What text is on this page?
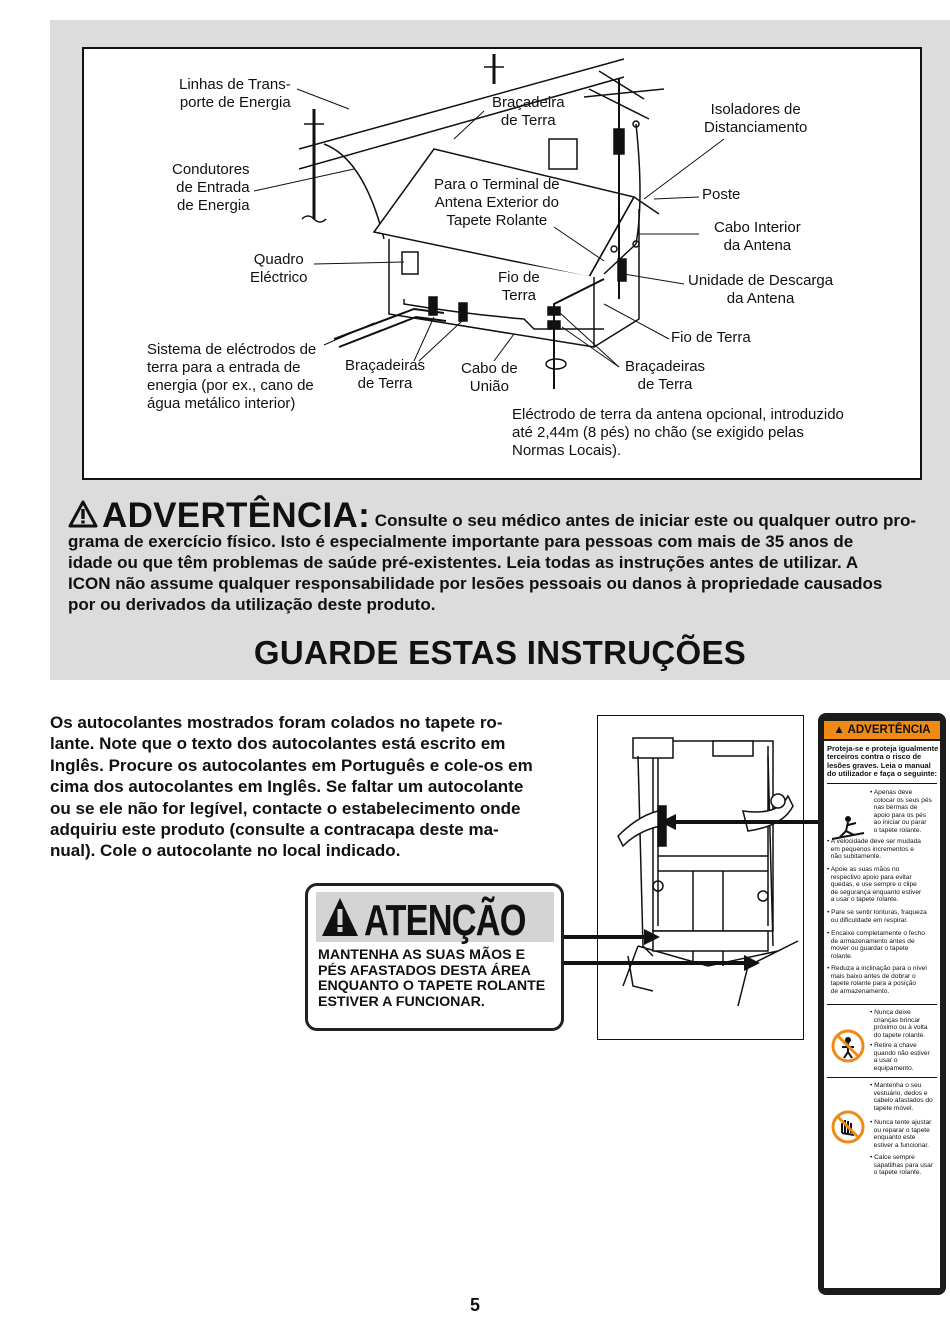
Linhas de Trans-
porte de Energia	Braçadeira
de Terra
Isoladores de
Distanciamento
Condutores
de Entrada
de Energia
Para o Terminal de
Antena Exterior do
Tapete Rolante
Poste
Cabo Interior
da Antena
Quadro
Eléctrico	Fio de
Terra
Unidade de Descarga
da Antena
Fio de Terra
Sistema de eléctrodos de
terra para a entrada de
energia (por ex., cano de
água metálico interior)
Braçadeiras
de Terra
Cabo de
União
Braçadeiras
de Terra
Eléctrodo de terra da antena opcional, introduzido
até 2,44m (8 pés) no chão (se exigido pelas
Normas Locais).
ADVERTÊNCIA: Consulte o seu médico antes de iniciar este ou qualquer outro pro-
grama de exercício físico. Isto é especialmente importante para pessoas com mais de 35 anos de
idade ou que têm problemas de saúde pré-existentes. Leia todas as instruções antes de utilizar. A
ICON não assume qualquer responsabilidade por lesões pessoais ou danos à propriedade causados
por ou derivados da utilização deste produto.
GUARDE ESTAS INSTRUÇÕES
Os autocolantes mostrados foram colados no tapete ro-
lante. Note que o texto dos autocolantes está escrito em
Inglês. Procure os autocolantes em Português e cole-os em
cima dos autocolantes em Inglês. Se faltar um autocolante
ou se ele não for legível, contacte o estabelecimento onde
adquiriu este produto (consulte a contracapa deste ma-
nual). Cole o autocolante no local indicado.
ATENÇÃO
MANTENHA AS SUAS MÃOS E
PÉS AFASTADOS DESTA ÁREA
ENQUANTO O TAPETE ROLANTE
ESTIVER A FUNCIONAR.
▲ ADVERTÊNCIA
Proteja-se e proteja igualmente terceiros contra o risco de lesões graves. Leia o manual do utilizador e faça o seguinte:
• Apenas deve
colocar os seus pés
nas bermas de
apoio para os pés
ao iniciar ou parar
o tapete rolante.
• A velocidade deve ser mudada
em pequenos incrementos e
não subitamente.
• Apoie as suas mãos no
respectivo apoio para evitar
quedas, e use sempre o clipe
de segurança enquanto estiver
a usar o tapete rolante.
• Pare se sentir tonturas, fraqueza
ou dificuldade em respirar.
• Encaixe completamente o fecho
de armazenamento antes de
mover ou guardar o tapete
rolante.
• Reduza a inclinação para o nível
mais baixo antes de dobrar o
tapete rolante para a posição
de armazenamento.
• Nunca deixe
crianças brincar
próximo ou à volta
do tapete rolante.
• Retire a chave
quando não estiver
a usar o
equipamento.
• Mantenha o seu
vestuário, dedos e
cabelo afastados do
tapete móvel.
• Nunca tente ajustar
ou reparar o tapete
enquanto este
estiver a funcionar.
• Calce sempre
sapatilhas para usar
o tapete rolante.
5
